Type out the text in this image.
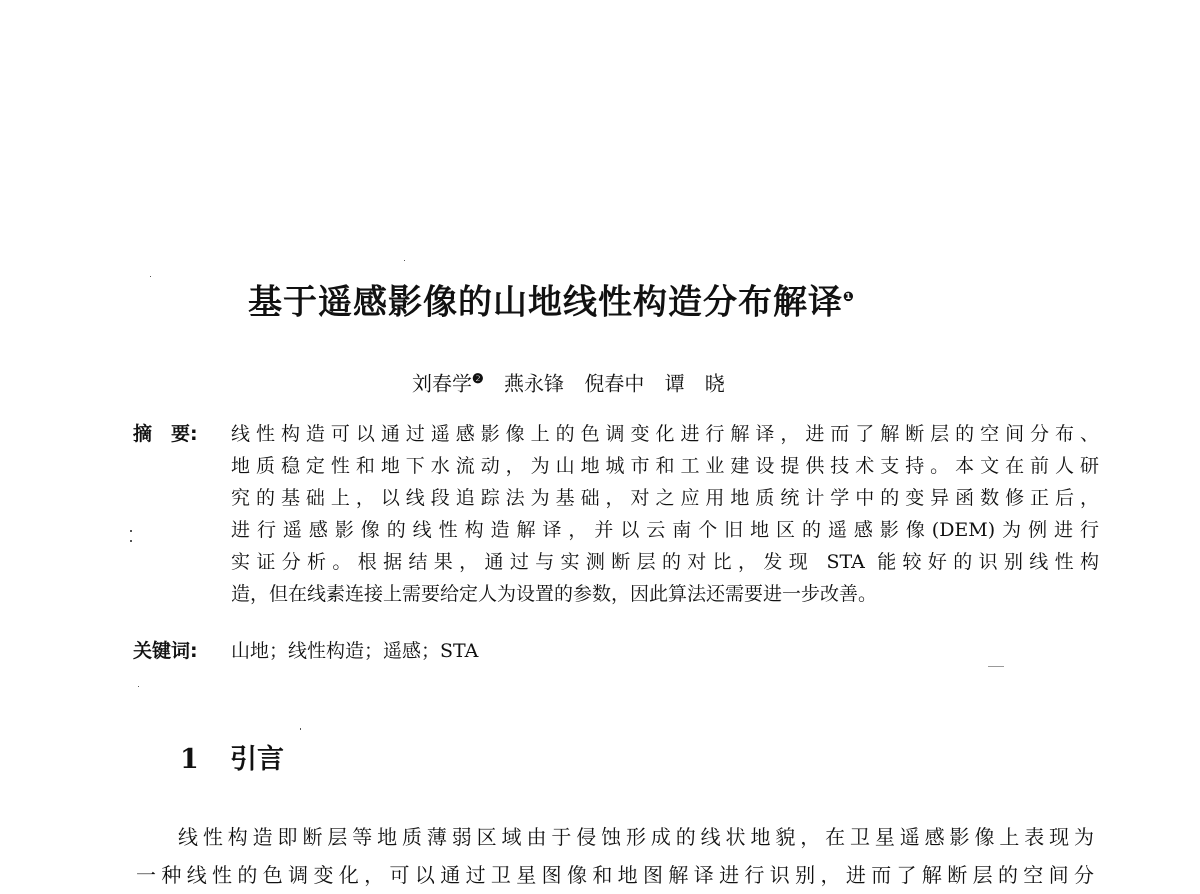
基于遥感影像的山地线性构造分布解译$^❶$
刘春学$^❷$ 燕永锋 倪春中 谭　晓
摘　要: 线性构造可以通过遥感影像上的色调变化进行解译，进而了解断层的空间分布、
地质稳定性和地下水流动，为山地城市和工业建设提供技术支持。本文在前人研
究的基础上，以线段追踪法为基础，对之应用地质统计学中的变异函数修正后，
进行遥感影像的线性构造解译，并以云南个旧地区的遥感影像(DEM)为例进行
实证分析。根据结果，通过与实测断层的对比，发现 STA 能较好的识别线性构
造，但在线素连接上需要给定人为设置的参数，因此算法还需要进一步改善。
关键词: 山地；线性构造；遥感；STA
1 引言
线性构造即断层等地质薄弱区域由于侵蚀形成的线状地貌，在卫星遥感影像上表现为
一种线性的色调变化，可以通过卫星图像和地图解译进行识别，进而了解断层的空间分
